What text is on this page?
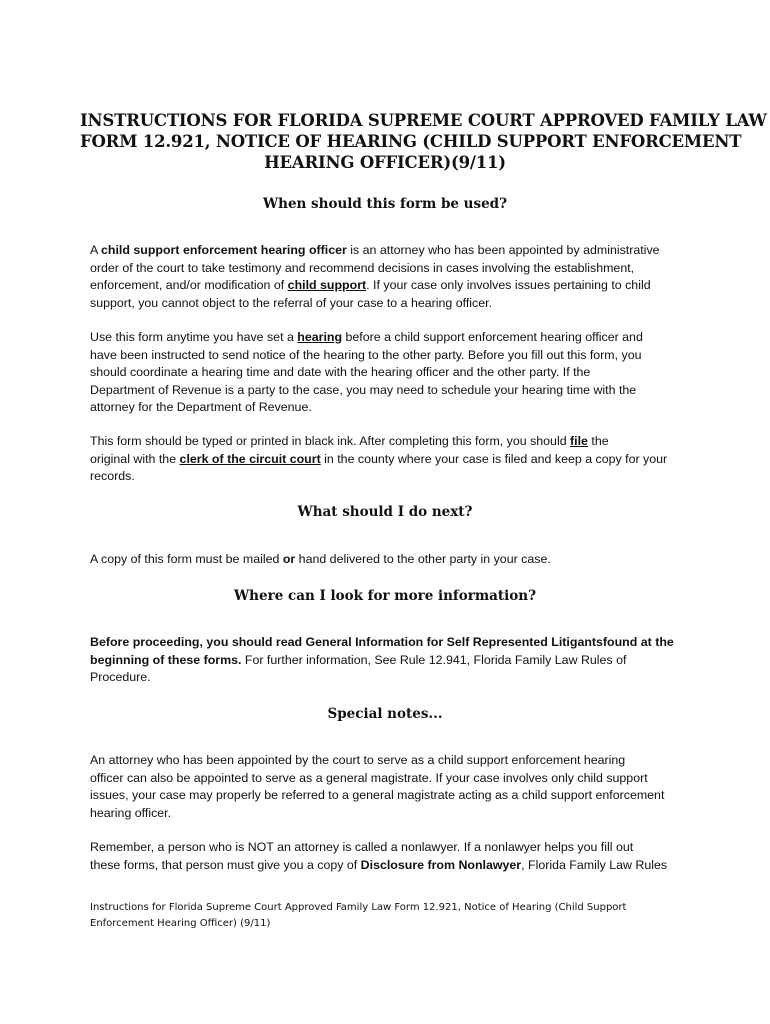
INSTRUCTIONS FOR FLORIDA SUPREME COURT APPROVED FAMILY LAW
FORM 12.921, NOTICE OF HEARING (CHILD SUPPORT ENFORCEMENT
HEARING OFFICER)(9/11)
When should this form be used?
A child support enforcement hearing officer is an attorney who has been appointed by administrative
order of the court to take testimony and recommend decisions in cases involving the establishment,
enforcement, and/or modification of child support. If your case only involves issues pertaining to child
support, you cannot object to the referral of your case to a hearing officer.
Use this form anytime you have set a hearing before a child support enforcement hearing officer and
have been instructed to send notice of the hearing to the other party. Before you fill out this form, you
should coordinate a hearing time and date with the hearing officer and the other party. If the
Department of Revenue is a party to the case, you may need to schedule your hearing time with the
attorney for the Department of Revenue.
This form should be typed or printed in black ink. After completing this form, you should file the
original with the clerk of the circuit court in the county where your case is filed and keep a copy for your
records.
What should I do next?
A copy of this form must be mailed or hand delivered to the other party in your case.
Where can I look for more information?
Before proceeding, you should read General Information for Self Represented Litigantsfound at the
beginning of these forms. For further information, See Rule 12.941, Florida Family Law Rules of
Procedure.
Special notes...
An attorney who has been appointed by the court to serve as a child support enforcement hearing
officer can also be appointed to serve as a general magistrate. If your case involves only child support
issues, your case may properly be referred to a general magistrate acting as a child support enforcement
hearing officer.
Remember, a person who is NOT an attorney is called a nonlawyer. If a nonlawyer helps you fill out
these forms, that person must give you a copy of Disclosure from Nonlawyer, Florida Family Law Rules
Instructions for Florida Supreme Court Approved Family Law Form 12.921, Notice of Hearing (Child Support
Enforcement Hearing Officer) (9/11)
